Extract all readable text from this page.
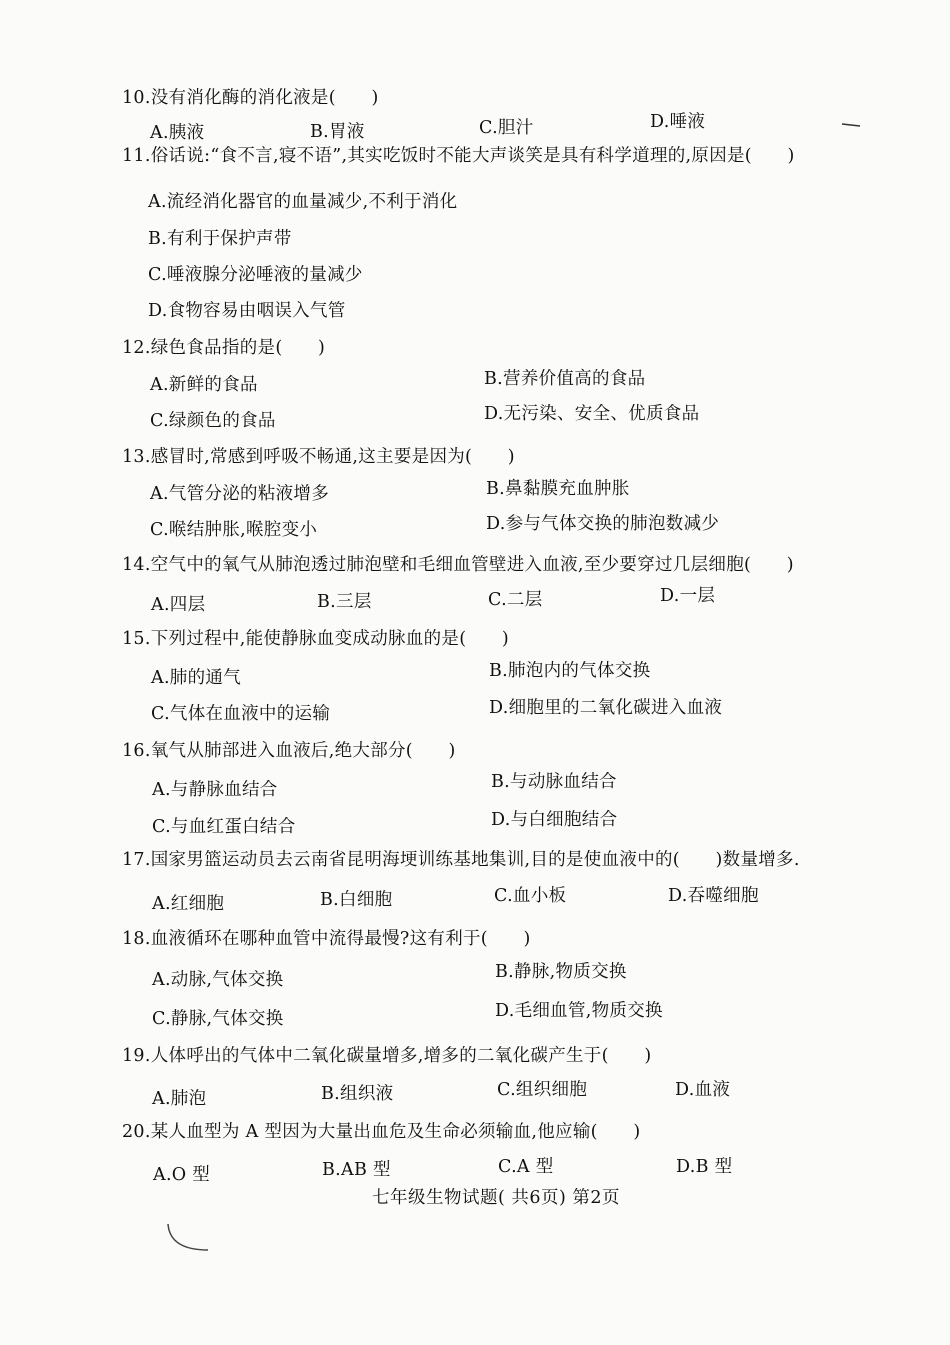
10.没有消化酶的消化液是(　　)
A.胰液	B.胃液	C.胆汁	D.唾液
11.俗话说:“食不言,寝不语”,其实吃饭时不能大声谈笑是具有科学道理的,原因是(　　)
A.流经消化器官的血量减少,不利于消化
B.有利于保护声带
C.唾液腺分泌唾液的量减少
D.食物容易由咽误入气管
12.绿色食品指的是(　　)
A.新鲜的食品	B.营养价值高的食品
C.绿颜色的食品	D.无污染、安全、优质食品
13.感冒时,常感到呼吸不畅通,这主要是因为(　　)
A.气管分泌的粘液增多	B.鼻黏膜充血肿胀
C.喉结肿胀,喉腔变小	D.参与气体交换的肺泡数减少
14.空气中的氧气从肺泡透过肺泡壁和毛细血管壁进入血液,至少要穿过几层细胞(　　)
A.四层	B.三层	C.二层	D.一层
15.下列过程中,能使静脉血变成动脉血的是(　　)
A.肺的通气	B.肺泡内的气体交换
C.气体在血液中的运输	D.细胞里的二氧化碳进入血液
16.氧气从肺部进入血液后,绝大部分(　　)
A.与静脉血结合	B.与动脉血结合
C.与血红蛋白结合	D.与白细胞结合
17.国家男篮运动员去云南省昆明海埂训练基地集训,目的是使血液中的(　　)数量增多.
A.红细胞	B.白细胞	C.血小板	D.吞噬细胞
18.血液循环在哪种血管中流得最慢?这有利于(　　)
A.动脉,气体交换	B.静脉,物质交换
C.静脉,气体交换	D.毛细血管,物质交换
19.人体呼出的气体中二氧化碳量增多,增多的二氧化碳产生于(　　)
A.肺泡	B.组织液	C.组织细胞	D.血液
20.某人血型为 A 型因为大量出血危及生命必须输血,他应输(　　)
A.O 型	B.AB 型	C.A 型	D.B 型
七年级生物试题( 共6页) 第2页
